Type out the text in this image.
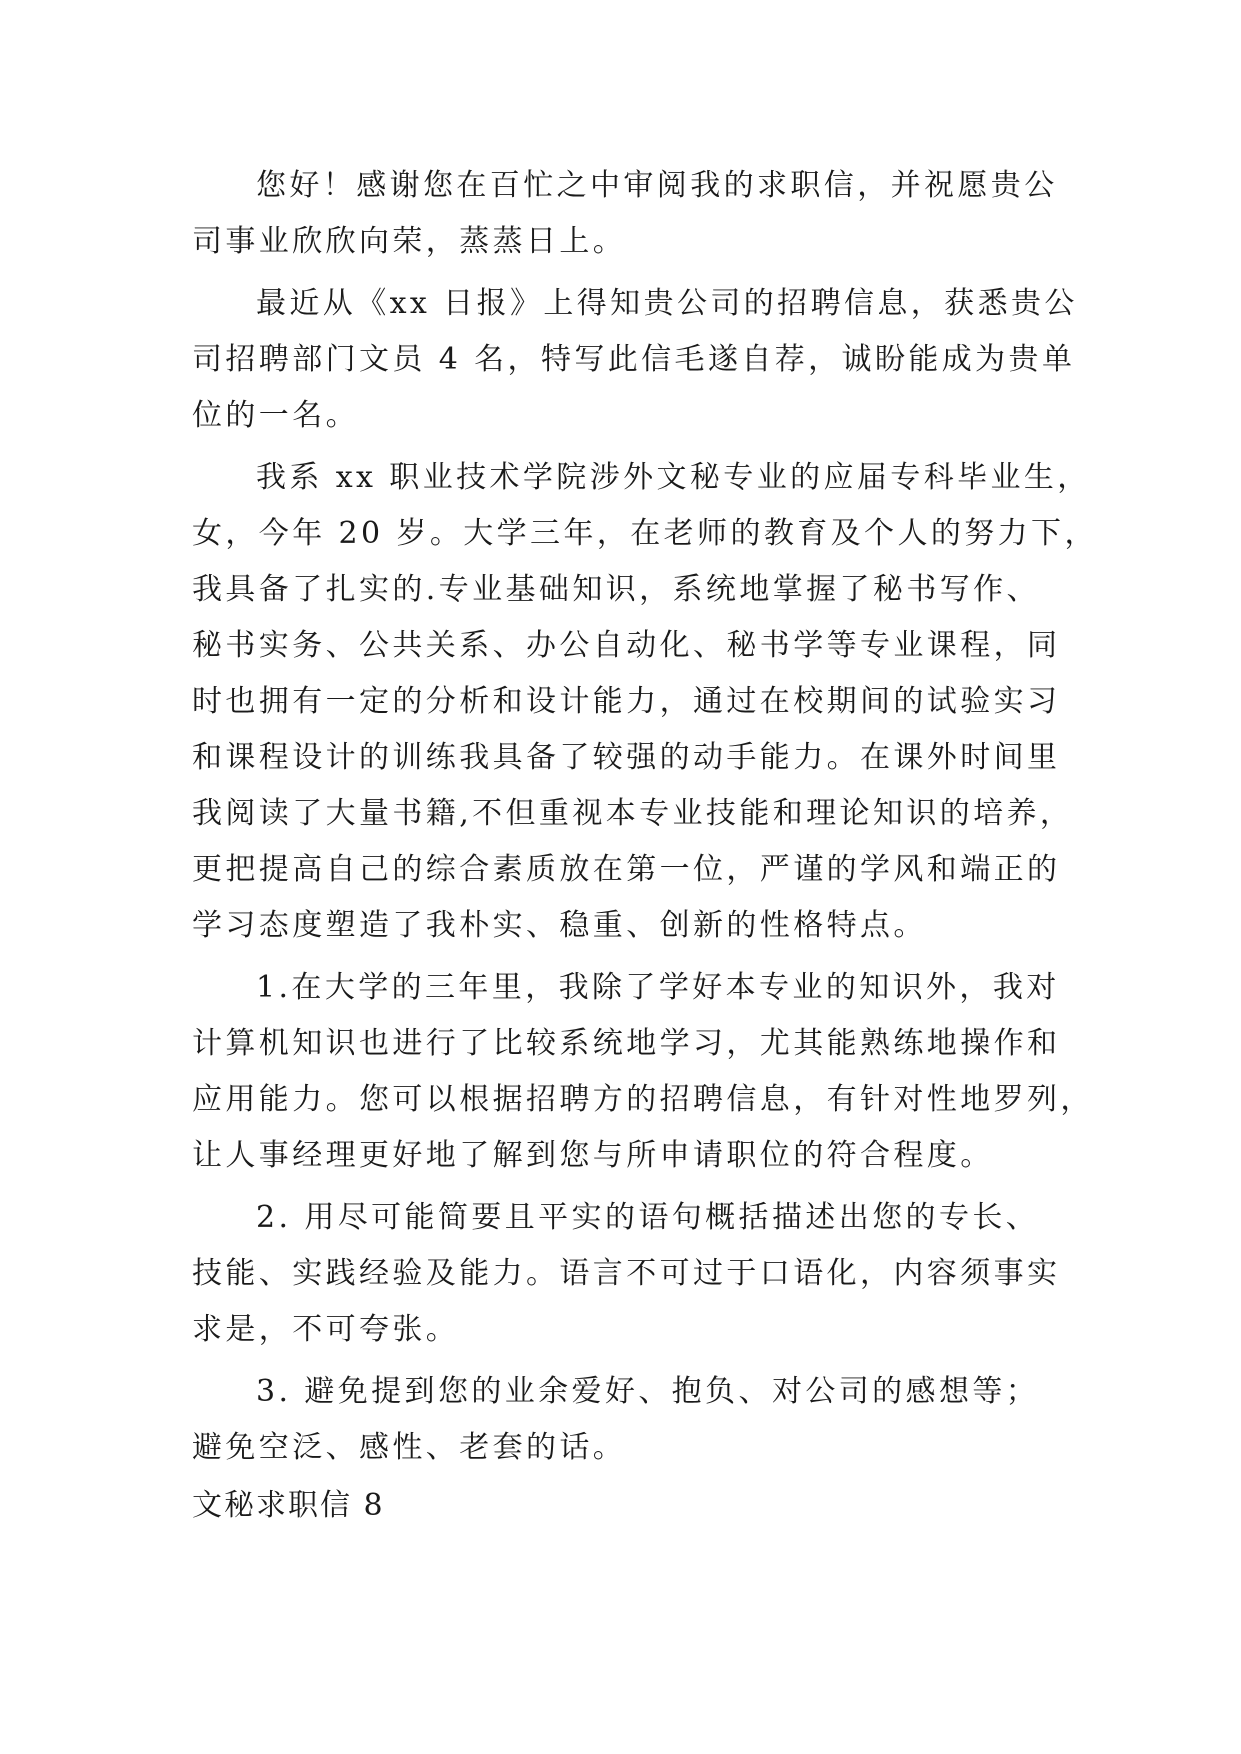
您好！感谢您在百忙之中审阅我的求职信，并祝愿贵公
司事业欣欣向荣，蒸蒸日上。
最近从《xx 日报》上得知贵公司的招聘信息，获悉贵公
司招聘部门文员 4 名，特写此信毛遂自荐，诚盼能成为贵单
位的一名。
我系 xx 职业技术学院涉外文秘专业的应届专科毕业生，
女，今年 20 岁。大学三年，在老师的教育及个人的努力下，
我具备了扎实的.专业基础知识，系统地掌握了秘书写作、
秘书实务、公共关系、办公自动化、秘书学等专业课程，同
时也拥有一定的分析和设计能力，通过在校期间的试验实习
和课程设计的训练我具备了较强的动手能力。在课外时间里
我阅读了大量书籍,不但重视本专业技能和理论知识的培养，
更把提高自己的综合素质放在第一位，严谨的学风和端正的
学习态度塑造了我朴实、稳重、创新的性格特点。
1.在大学的三年里，我除了学好本专业的知识外，我对
计算机知识也进行了比较系统地学习，尤其能熟练地操作和
应用能力。您可以根据招聘方的招聘信息，有针对性地罗列，
让人事经理更好地了解到您与所申请职位的符合程度。
2. 用尽可能简要且平实的语句概括描述出您的专长、
技能、实践经验及能力。语言不可过于口语化，内容须事实
求是，不可夸张。
3. 避免提到您的业余爱好、抱负、对公司的感想等；
避免空泛、感性、老套的话。
文秘求职信 8
